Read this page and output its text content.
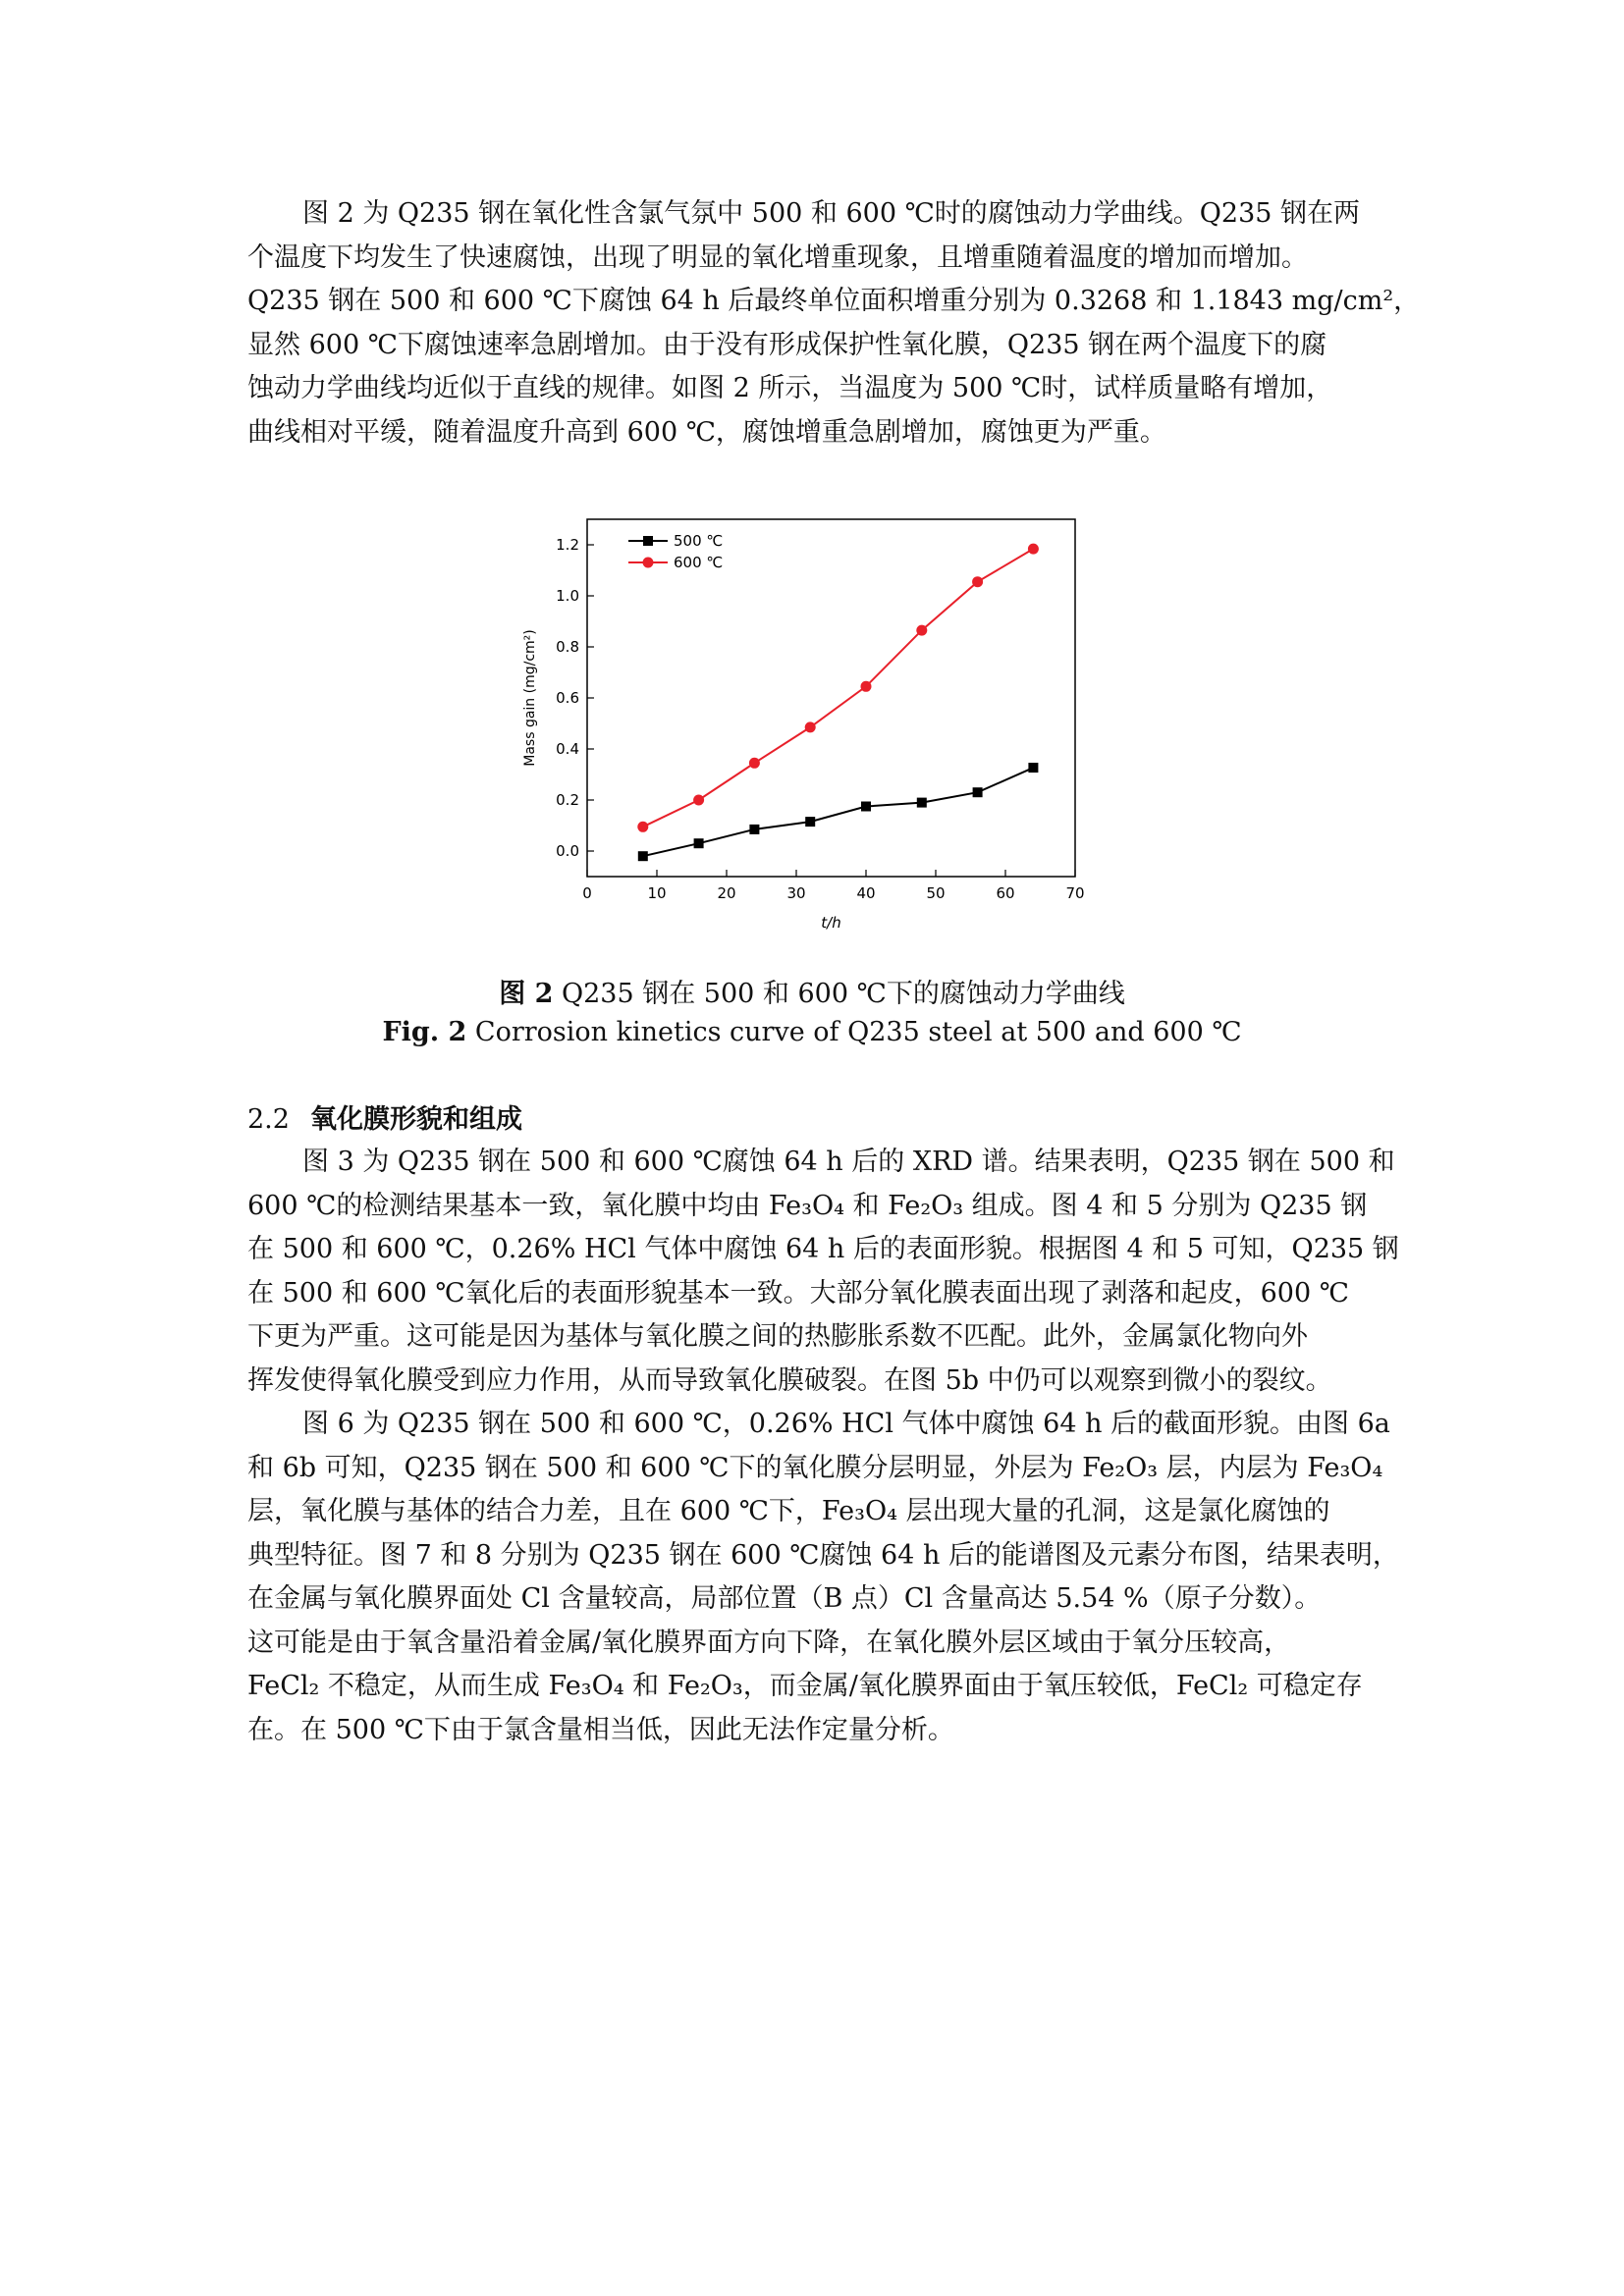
图 2 为 Q235 钢在氧化性含氯气氛中 500 和 600 ℃时的腐蚀动力学曲线。Q235 钢在两
个温度下均发生了快速腐蚀，出现了明显的氧化增重现象，且增重随着温度的增加而增加。
Q235 钢在 500 和 600 ℃下腐蚀 64 h 后最终单位面积增重分别为 0.3268 和 1.1843 mg/cm²，
显然 600 ℃下腐蚀速率急剧增加。由于没有形成保护性氧化膜，Q235 钢在两个温度下的腐
蚀动力学曲线均近似于直线的规律。如图 2 所示，当温度为 500 ℃时，试样质量略有增加，
曲线相对平缓，随着温度升高到 600 ℃，腐蚀增重急剧增加，腐蚀更为严重。
0	10	20	30	40	50	60	70
0.0
0.2
0.4
0.6
0.8
1.0
1.2
t/h
Mass gain (mg/cm²)
500 ℃
600 ℃
图 2 Q235 钢在 500 和 600 ℃下的腐蚀动力学曲线
Fig. 2 Corrosion kinetics curve of Q235 steel at 500 and 600 ℃
2.2 氧化膜形貌和组成
图 3 为 Q235 钢在 500 和 600 ℃腐蚀 64 h 后的 XRD 谱。结果表明，Q235 钢在 500 和
600 ℃的检测结果基本一致，氧化膜中均由 Fe₃O₄ 和 Fe₂O₃ 组成。图 4 和 5 分别为 Q235 钢
在 500 和 600 ℃，0.26% HCl 气体中腐蚀 64 h 后的表面形貌。根据图 4 和 5 可知，Q235 钢
在 500 和 600 ℃氧化后的表面形貌基本一致。大部分氧化膜表面出现了剥落和起皮，600 ℃
下更为严重。这可能是因为基体与氧化膜之间的热膨胀系数不匹配。此外，金属氯化物向外
挥发使得氧化膜受到应力作用，从而导致氧化膜破裂。在图 5b 中仍可以观察到微小的裂纹。
图 6 为 Q235 钢在 500 和 600 ℃，0.26% HCl 气体中腐蚀 64 h 后的截面形貌。由图 6a
和 6b 可知，Q235 钢在 500 和 600 ℃下的氧化膜分层明显，外层为 Fe₂O₃ 层，内层为 Fe₃O₄
层，氧化膜与基体的结合力差，且在 600 ℃下，Fe₃O₄ 层出现大量的孔洞，这是氯化腐蚀的
典型特征。图 7 和 8 分别为 Q235 钢在 600 ℃腐蚀 64 h 后的能谱图及元素分布图，结果表明，
在金属与氧化膜界面处 Cl 含量较高，局部位置（B 点）Cl 含量高达 5.54 %（原子分数）。
这可能是由于氧含量沿着金属/氧化膜界面方向下降，在氧化膜外层区域由于氧分压较高，
FeCl₂ 不稳定，从而生成 Fe₃O₄ 和 Fe₂O₃，而金属/氧化膜界面由于氧压较低，FeCl₂ 可稳定存
在。在 500 ℃下由于氯含量相当低，因此无法作定量分析。
